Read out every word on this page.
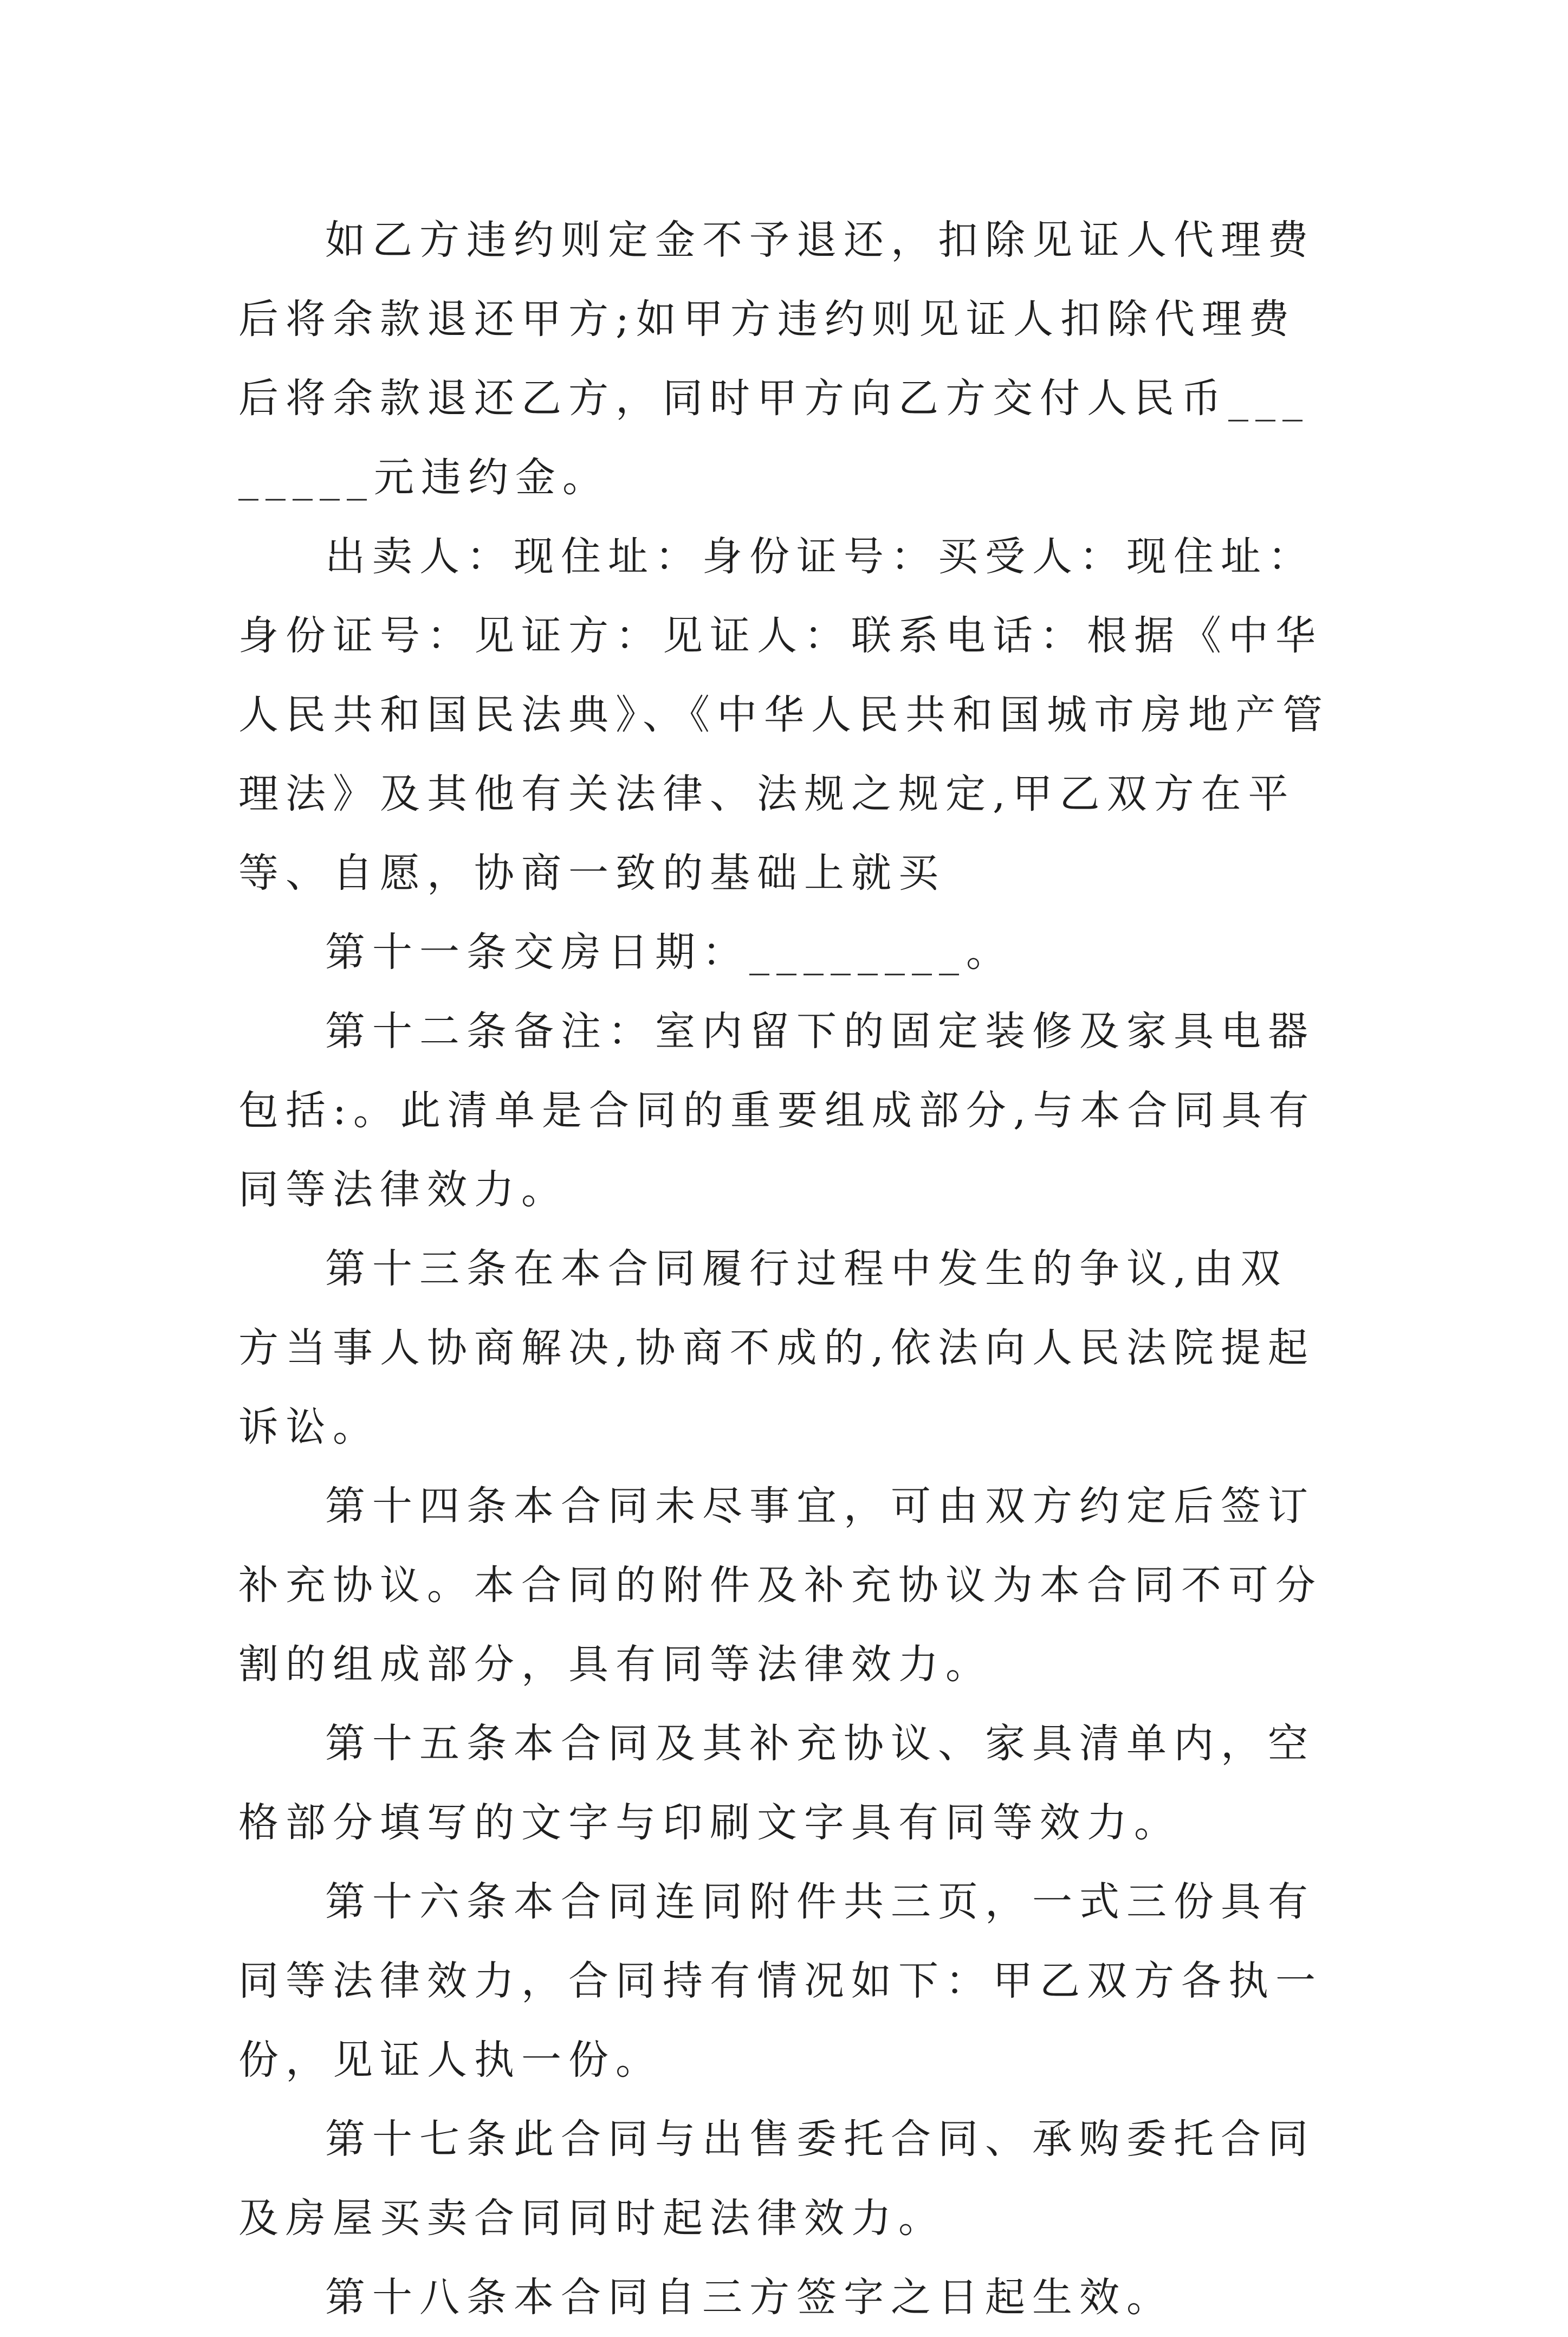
如乙方违约则定金不予退还，扣除见证人代理费后将余款退还甲方;如甲方违约则见证人扣除代理费后将余款退还乙方，同时甲方向乙方交付人民币________元违约金。

出卖人：现住址：身份证号：买受人：现住址：身份证号：见证方：见证人：联系电话：根据《中华人民共和国民法典》、《中华人民共和国城市房地产管理法》及其他有关法律、法规之规定,甲乙双方在平等、自愿，协商一致的基础上就买

第十一条交房日期：________。

第十二条备注：室内留下的固定装修及家具电器包括:。此清单是合同的重要组成部分,与本合同具有同等法律效力。

第十三条在本合同履行过程中发生的争议,由双方当事人协商解决,协商不成的,依法向人民法院提起诉讼。

第十四条本合同未尽事宜，可由双方约定后签订补充协议。本合同的附件及补充协议为本合同不可分割的组成部分，具有同等法律效力。

第十五条本合同及其补充协议、家具清单内，空格部分填写的文字与印刷文字具有同等效力。

第十六条本合同连同附件共三页，一式三份具有同等法律效力，合同持有情况如下：甲乙双方各执一份，见证人执一份。

第十七条此合同与出售委托合同、承购委托合同及房屋买卖合同同时起法律效力。

第十八条本合同自三方签字之日起生效。
